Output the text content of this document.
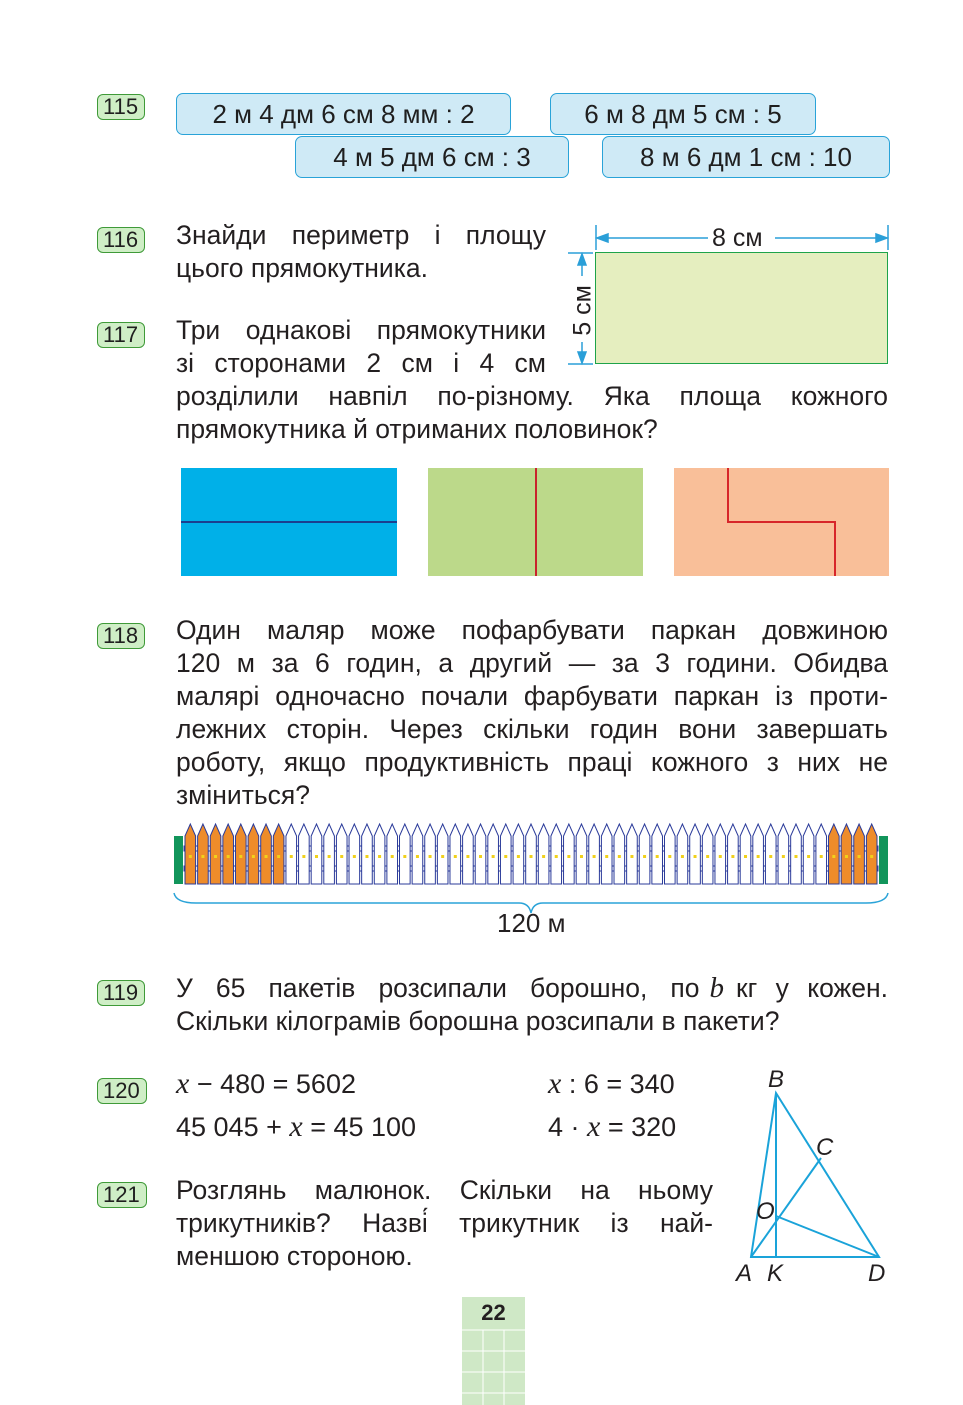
115	2 м 4 дм 6 см 8 мм : 2	6 м 8 дм 5 см : 5
4 м 5 дм 6 см : 3	8 м 6 дм 1 см : 10
116 Знайди периметр і площу
цього прямокутника.
8 см
5 см
117 Три однакові прямокутники
зі сторонами 2 см і 4 см
розділили навпіл по-різному. Яка площа кожного
прямокутника й отриманих половинок?
118 Один маляр може пофарбувати паркан довжиною
120 м за 6 годин, а другий — за 3 години. Обидва
малярі одночасно почали фарбувати паркан із проти-
лежних сторін. Через скільки годин вони завершать
роботу, якщо продуктивність праці кожного з них не
зміниться?
120 м
119 У 65 пакетів розсипали борошно, по b кг у кожен.
Скільки кілограмів борошна розсипали в пакети?
120 x − 480 = 5602
45 045 + x = 45 100
x : 6 = 340
4 · x = 320
121 Розглянь малюнок. Скільки на ньому
трикутників? Назві́ трикутник із най-
меншою стороною.
B
C
O
A K	D
22
